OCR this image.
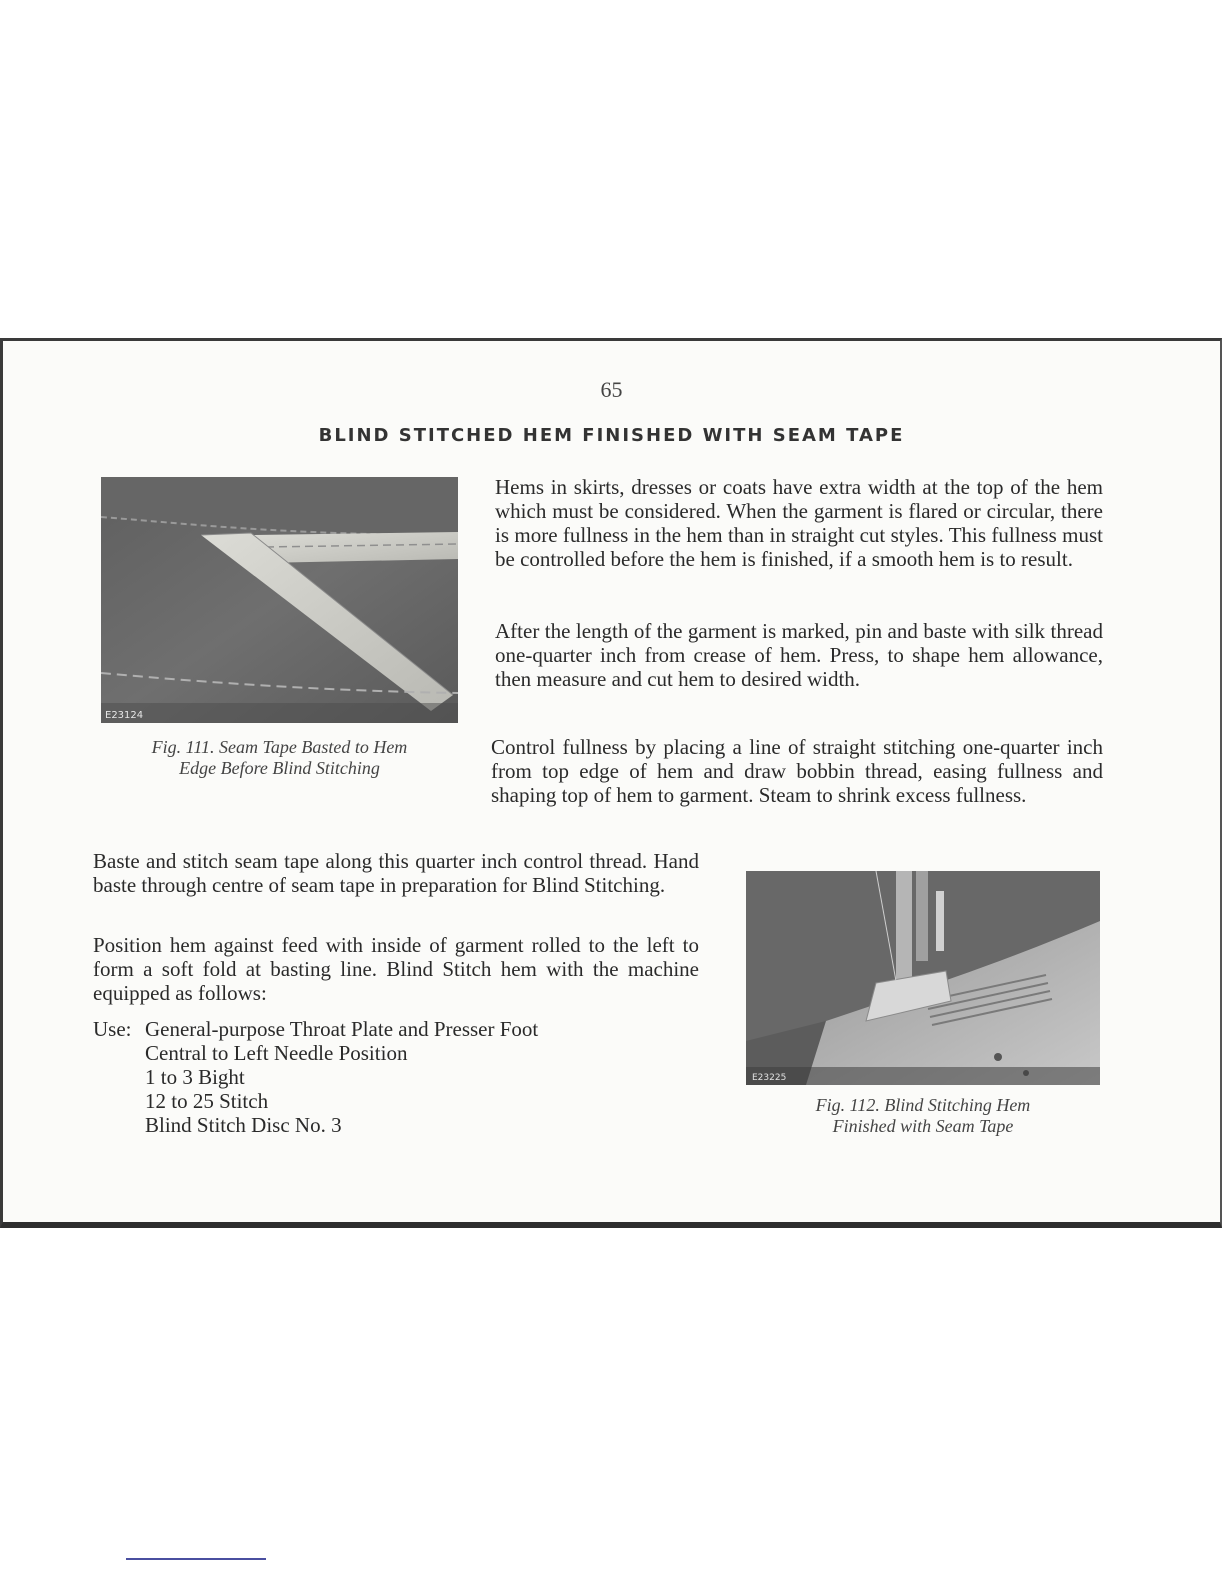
65
BLIND STITCHED HEM FINISHED WITH SEAM TAPE
E23124
Fig. 111. Seam Tape Basted to Hem
Edge Before Blind Stitching

Hems in skirts, dresses or coats have extra width at the top of the hem which must be considered. When the garment is flared or circular, there is more fullness in the hem than in straight cut styles. This fullness must be controlled before the hem is finished, if a smooth hem is to result.

After the length of the garment is marked, pin and baste with silk thread one-quarter inch from crease of hem. Press, to shape hem allowance, then measure and cut hem to desired width.

Control fullness by placing a line of straight stitching one-quarter inch from top edge of hem and draw bobbin thread, easing fullness and shaping top of hem to garment. Steam to shrink excess fullness.

Baste and stitch seam tape along this quarter inch control thread. Hand baste through centre of seam tape in preparation for Blind Stitching.

Position hem against feed with inside of garment rolled to the left to form a soft fold at basting line. Blind Stitch hem with the machine equipped as follows:

Use: General-purpose Throat Plate and Presser Foot
Central to Left Needle Position
1 to 3 Bight
12 to 25 Stitch
Blind Stitch Disc No. 3
E23225
Fig. 112. Blind Stitching Hem
Finished with Seam Tape
